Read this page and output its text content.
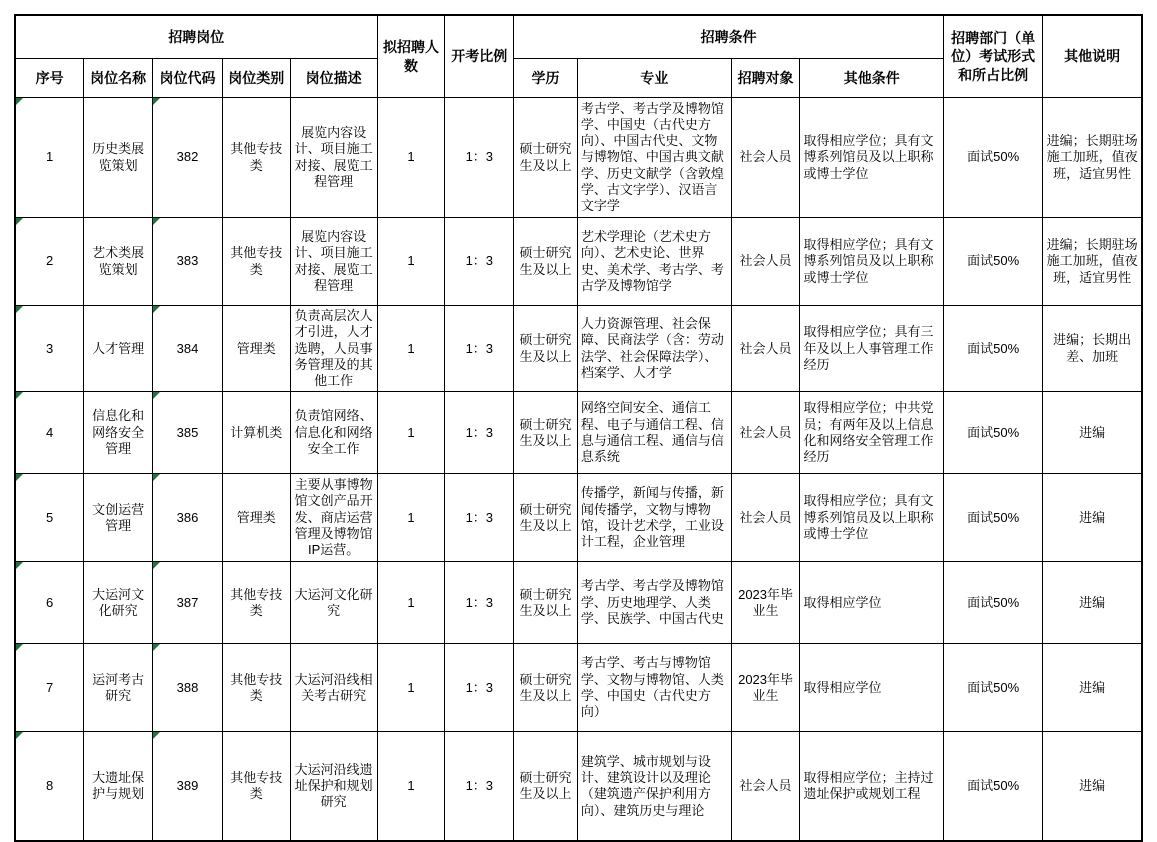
招聘岗位					拟招聘人数	开考比例	招聘条件				招聘部门（单位）考试形式和所占比例	其他说明
序号	岗位名称	岗位代码	岗位类别	岗位描述			学历	专业	招聘对象	其他条件		

1	历史类展览策划	382	其他专技类	展览内容设计、项目施工对接、展览工程管理	1	1：3	硕士研究生及以上	考古学、考古学及博物馆学、中国史（古代史方向）、中国古代史、文物与博物馆、中国古典文献学、历史文献学（含敦煌学、古文字学）、汉语言文字学	社会人员	取得相应学位；具有文博系列馆员及以上职称或博士学位	面试50%	进编；长期驻场施工加班，值夜班，适宜男性

2	艺术类展览策划	383	其他专技类	展览内容设计、项目施工对接、展览工程管理	1	1：3	硕士研究生及以上	艺术学理论（艺术史方向）、艺术史论、世界史、美术学、考古学、考古学及博物馆学	社会人员	取得相应学位；具有文博系列馆员及以上职称或博士学位	面试50%	进编；长期驻场施工加班，值夜班，适宜男性

3	人才管理	384	管理类	负责高层次人才引进，人才选聘，人员事务管理及的其他工作	1	1：3	硕士研究生及以上	人力资源管理、社会保障、民商法学（含：劳动法学、社会保障法学）、档案学、人才学	社会人员	取得相应学位；具有三年及以上人事管理工作经历	面试50%	进编；长期出差、加班

4	信息化和网络安全管理	385	计算机类	负责馆网络、信息化和网络安全工作	1	1：3	硕士研究生及以上	网络空间安全、通信工程、电子与通信工程、信息与通信工程、通信与信息系统	社会人员	取得相应学位；中共党员；有两年及以上信息化和网络安全管理工作经历	面试50%	进编

5	文创运营管理	386	管理类	主要从事博物馆文创产品开发、商店运营管理及博物馆IP运营。	1	1：3	硕士研究生及以上	传播学，新闻与传播，新闻传播学，文物与博物馆，设计艺术学，工业设计工程，企业管理	社会人员	取得相应学位；具有文博系列馆员及以上职称或博士学位	面试50%	进编

6	大运河文化研究	387	其他专技类	大运河文化研究	1	1：3	硕士研究生及以上	考古学、考古学及博物馆学、历史地理学、人类学、民族学、中国古代史	2023年毕业生	取得相应学位	面试50%	进编

7	运河考古研究	388	其他专技类	大运河沿线相关考古研究	1	1：3	硕士研究生及以上	考古学、考古与博物馆学、文物与博物馆、人类学、中国史（古代史方向）	2023年毕业生	取得相应学位	面试50%	进编

8	大遗址保护与规划	389	其他专技类	大运河沿线遗址保护和规划研究	1	1：3	硕士研究生及以上	建筑学、城市规划与设计、建筑设计以及理论（建筑遗产保护利用方向）、建筑历史与理论	社会人员	取得相应学位；主持过遗址保护或规划工程	面试50%	进编
